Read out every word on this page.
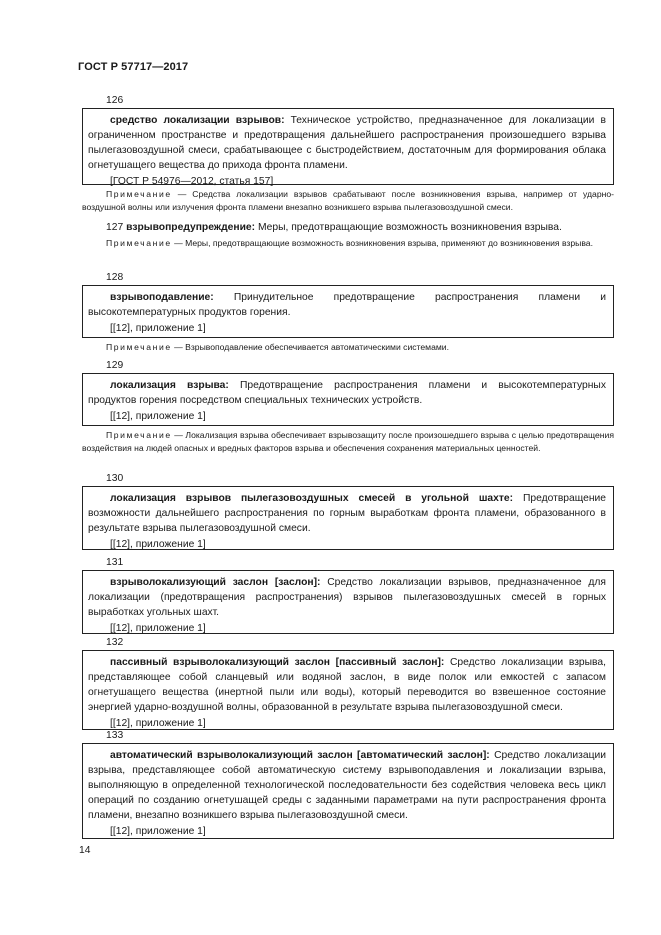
ГОСТ Р 57717—2017
126

средство локализации взрывов: Техническое устройство, предназначенное для локализации в ограниченном пространстве и предотвращения дальнейшего распространения произошедшего взрыва пылегазовоздушной смеси, срабатывающее с быстродействием, достаточным для формирования облака огнетушащего вещества до прихода фронта пламени.

[ГОСТ Р 54976—2012, статья 157]

Примечание — Средства локализации взрывов срабатывают после возникновения взрыва, например от ударно-воздушной волны или излучения фронта пламени внезапно возникшего взрыва пылегазовоздушной смеси.

127 взрывопредупреждение: Меры, предотвращающие возможность возникновения взрыва.

Примечание — Меры, предотвращающие возможность возникновения взрыва, применяют до возникновения взрыва.

128

взрывоподавление: Принудительное предотвращение распространения пламени и высокотемпературных продуктов горения.

[[12], приложение 1]

Примечание — Взрывоподавление обеспечивается автоматическими системами.

129

локализация взрыва: Предотвращение распространения пламени и высокотемпературных продуктов горения посредством специальных технических устройств.

[[12], приложение 1]

Примечание — Локализация взрыва обеспечивает взрывозащиту после произошедшего взрыва с целью предотвращения воздействия на людей опасных и вредных факторов взрыва и обеспечения сохранения материальных ценностей.

130

локализация взрывов пылегазовоздушных смесей в угольной шахте: Предотвращение возможности дальнейшего распространения по горным выработкам фронта пламени, образованного в результате взрыва пылегазовоздушной смеси.

[[12], приложение 1]

131

взрыволокализующий заслон [заслон]: Средство локализации взрывов, предназначенное для локализации (предотвращения распространения) взрывов пылегазовоздушных смесей в горных выработках угольных шахт.

[[12], приложение 1]

132

пассивный взрыволокализующий заслон [пассивный заслон]: Средство локализации взрыва, представляющее собой сланцевый или водяной заслон, в виде полок или емкостей с запасом огнетушащего вещества (инертной пыли или воды), который переводится во взвешенное состояние энергией ударно-воздушной волны, образованной в результате взрыва пылегазовоздушной смеси.

[[12], приложение 1]

133

автоматический взрыволокализующий заслон [автоматический заслон]: Средство локализации взрыва, представляющее собой автоматическую систему взрывоподавления и локализации взрыва, выполняющую в определенной технологической последовательности без содействия человека весь цикл операций по созданию огнетушащей среды с заданными параметрами на пути распространения фронта пламени, внезапно возникшего взрыва пылегазовоздушной смеси.

[[12], приложение 1]

14
